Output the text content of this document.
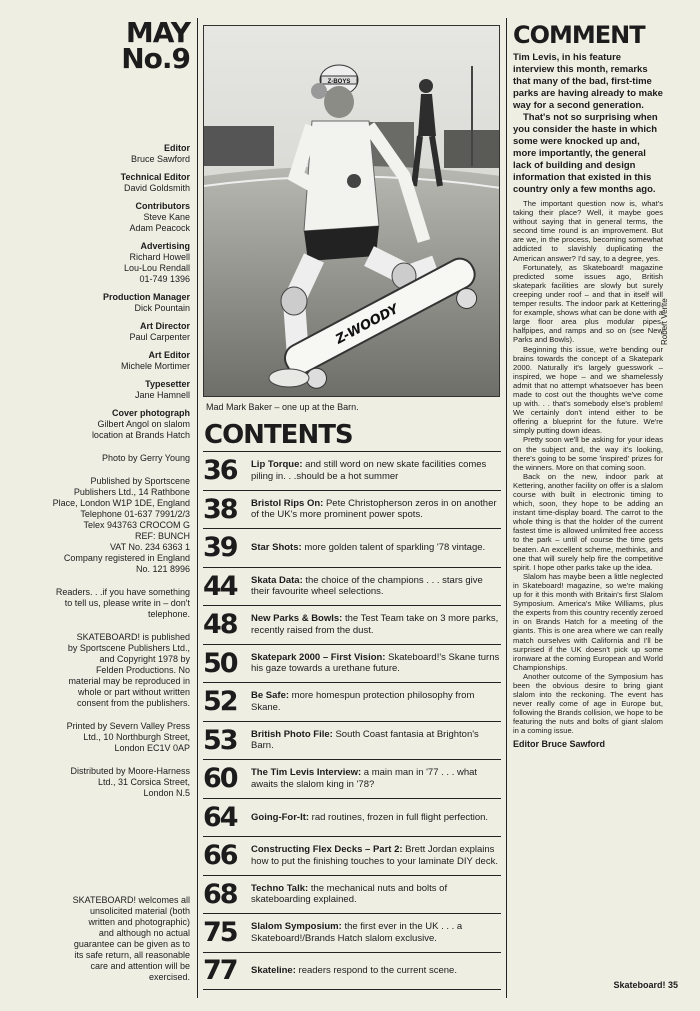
MAY
No.9
Editor
Bruce Sawford
Technical Editor
David Goldsmith
Contributors
Steve Kane
Adam Peacock
Advertising
Richard Howell
Lou-Lou Rendall
01-749 1396
Production Manager
Dick Pountain
Art Director
Paul Carpenter
Art Editor
Michele Mortimer
Typesetter
Jane Hamnell
Cover photograph
Gilbert Angol on slalom
location at Brands Hatch
Photo by Gerry Young
Published by Sportscene
Publishers Ltd., 14 Rathbone
Place, London W1P 1DE, England
Telephone 01-637 7991/2/3
Telex 943763 CROCOM G
REF: BUNCH
VAT No. 234 6363 1
Company registered in England
No. 121 8996
Readers. . .if you have something
to tell us, please write in – don't
telephone.
SKATEBOARD! is published
by Sportscene Publishers Ltd.,
and Copyright 1978 by
Felden Productions. No
material may be reproduced in
whole or part without written
consent from the publishers.
Printed by Severn Valley Press
Ltd., 10 Northburgh Street,
London EC1V 0AP
Distributed by Moore-Harness
Ltd., 31 Corsica Street,
London N.5
SKATEBOARD! welcomes all
unsolicited material (both
written and photographic)
and although no actual
guarantee can be given as to
its safe return, all reasonable
care and attention will be
exercised.
Z-BOYS
Z-WOODY
Mad Mark Baker – one up at the Barn.
Robert Vente
CONTENTS
36	Lip Torque: and still word on new skate facilities comes piling in. . .should be a hot summer
38	Bristol Rips On: Pete Christopherson zeros in on another of the UK's more prominent power spots.
39	Star Shots: more golden talent of sparkling '78 vintage.
44	Skata Data: the choice of the champions . . . stars give their favourite wheel selections.
48	New Parks & Bowls: the Test Team take on 3 more parks, recently raised from the dust.
50	Skatepark 2000 – First Vision: Skateboard!'s Skane turns his gaze towards a urethane future.
52	Be Safe: more homespun protection philosophy from Skane.
53	British Photo File: South Coast fantasia at Brighton's Barn.
60	The Tim Levis Interview: a main man in '77 . . . what awaits the slalom king in '78?
64	Going-For-It: rad routines, frozen in full flight perfection.
66	Constructing Flex Decks – Part 2: Brett Jordan explains how to put the finishing touches to your laminate DIY deck.
68	Techno Talk: the mechanical nuts and bolts of skateboarding explained.
75	Slalom Symposium: the first ever in the UK . . . a Skateboard!/Brands Hatch slalom exclusive.
77	Skateline: readers respond to the current scene.
COMMENT

Tim Levis, in his feature interview this month, remarks that many of the bad, first-time parks are having already to make way for a second generation.

That's not so surprising when you consider the haste in which some were knocked up and, more importantly, the general lack of building and design information that existed in this country only a few months ago.

The important question now is, what's taking their place? Well, it maybe goes without saying that in general terms, the second time round is an improvement. But are we, in the process, becoming somewhat addicted to slavishly duplicating the American answer? I'd say, to a degree, yes.

Fortunately, as Skateboard! magazine predicted some issues ago, British skatepark facilities are slowly but surely creeping under roof – and that in itself will temper results. The indoor park at Kettering, for example, shows what can be done with a large floor area plus modular pipes, halfpipes, and ramps and so on (see New Parks and Bowls).

Beginning this issue, we're bending our brains towards the concept of a Skatepark 2000. Naturally it's largely guesswork – inspired, we hope – and we shamelessly admit that no attempt whatsoever has been made to cost out the thoughts we've come up with. . . that's somebody else's problem! We certainly don't intend either to be offering a blueprint for the future. We're simply putting down ideas.

Pretty soon we'll be asking for your ideas on the subject and, the way it's looking, there's going to be some 'inspired' prizes for the winners. More on that coming soon.

Back on the new, indoor park at Kettering, another facility on offer is a slalom course with built in electronic timing to which, soon, they hope to be adding an instant time-display board. The carrot to the whole thing is that the holder of the current fastest time is allowed unlimited free access to the park – until of course the time gets beaten. An excellent scheme, methinks, and one that will surely help fire the competitive spirit. I hope other parks take up the idea.

Slalom has maybe been a little neglected in Skateboard! magazine, so we're making up for it this month with Britain's first Slalom Symposium. America's Mike Williams, plus the experts from this country recently zeroed in on Brands Hatch for a meeting of the giants. This is one area where we can really match ourselves with California and I'll be surprised if the UK doesn't pick up some ironware at the coming European and World Championships.

Another outcome of the Symposium has been the obvious desire to bring giant slalom into the reckoning. The event has never really come of age in Europe but, following the Brands collision, we hope to be featuring the nuts and bolts of giant slalom in a coming issue.

Editor Bruce Sawford
Skateboard! 35
